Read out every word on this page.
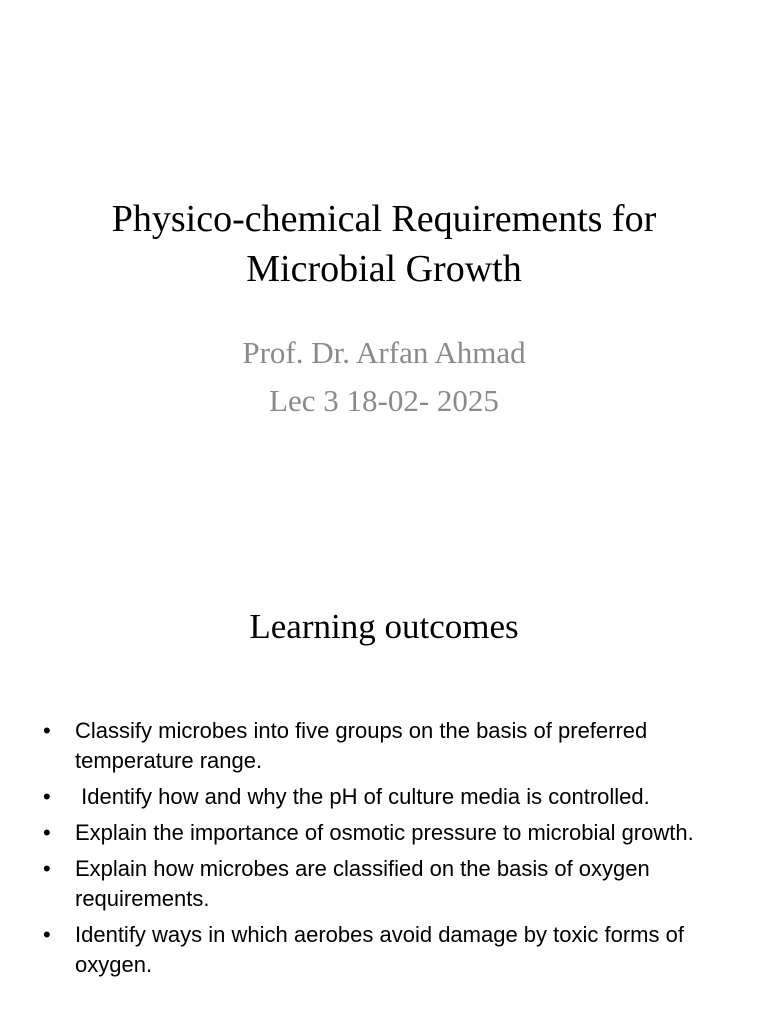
Physico-chemical Requirements for
Microbial Growth
Prof. Dr. Arfan Ahmad
Lec 3 18-02- 2025
Learning outcomes
• Classify microbes into five groups on the basis of preferred temperature range.
• Identify how and why the pH of culture media is controlled.
• Explain the importance of osmotic pressure to microbial growth.
• Explain how microbes are classified on the basis of oxygen requirements.
• Identify ways in which aerobes avoid damage by toxic forms of oxygen.
